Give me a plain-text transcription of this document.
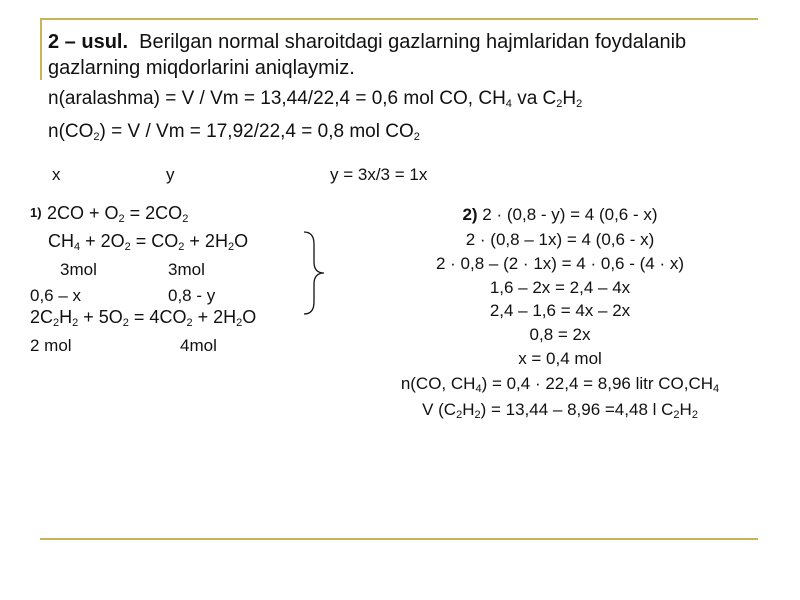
2 – usul. Berilgan normal sharoitdagi gazlarning hajmlaridan foydalanib
gazlarning miqdorlarini aniqlaymiz.
n(aralashma) = V / Vm = 13,44/22,4 = 0,6 mol CO, $CH_4$ va $C_2H_2$
$n(CO_2) = V / Vm = 17,92/22,4 = 0,8$ mol $CO_2$
x	y	y = 3x/3 = 1x
1) $2CO + O_2 = 2CO_2$
$CH_4 + 2O_2 = CO_2 + 2H_2O$
3mol	3mol
0,6 – x	0,8 - y
$2C_2H_2 + 5O_2 = 4CO_2 + 2H_2O$
2 mol	4mol
2) 2 · (0,8 - y) = 4 (0,6 - x)
2 · (0,8 – 1x) = 4 (0,6 - x)
2 · 0,8 – (2 · 1x) = 4 · 0,6 - (4 · x)
1,6 – 2x = 2,4 – 4x
2,4 – 1,6 = 4x – 2x
0,8 = 2x
x = 0,4 mol
n(CO, $CH_4) = 0,4 \cdot 22,4 = 8,96$ litr $CO,CH_4$
V $(C_2H_2) = 13,44 - 8,96 =4,48$ l $C_2H_2$
